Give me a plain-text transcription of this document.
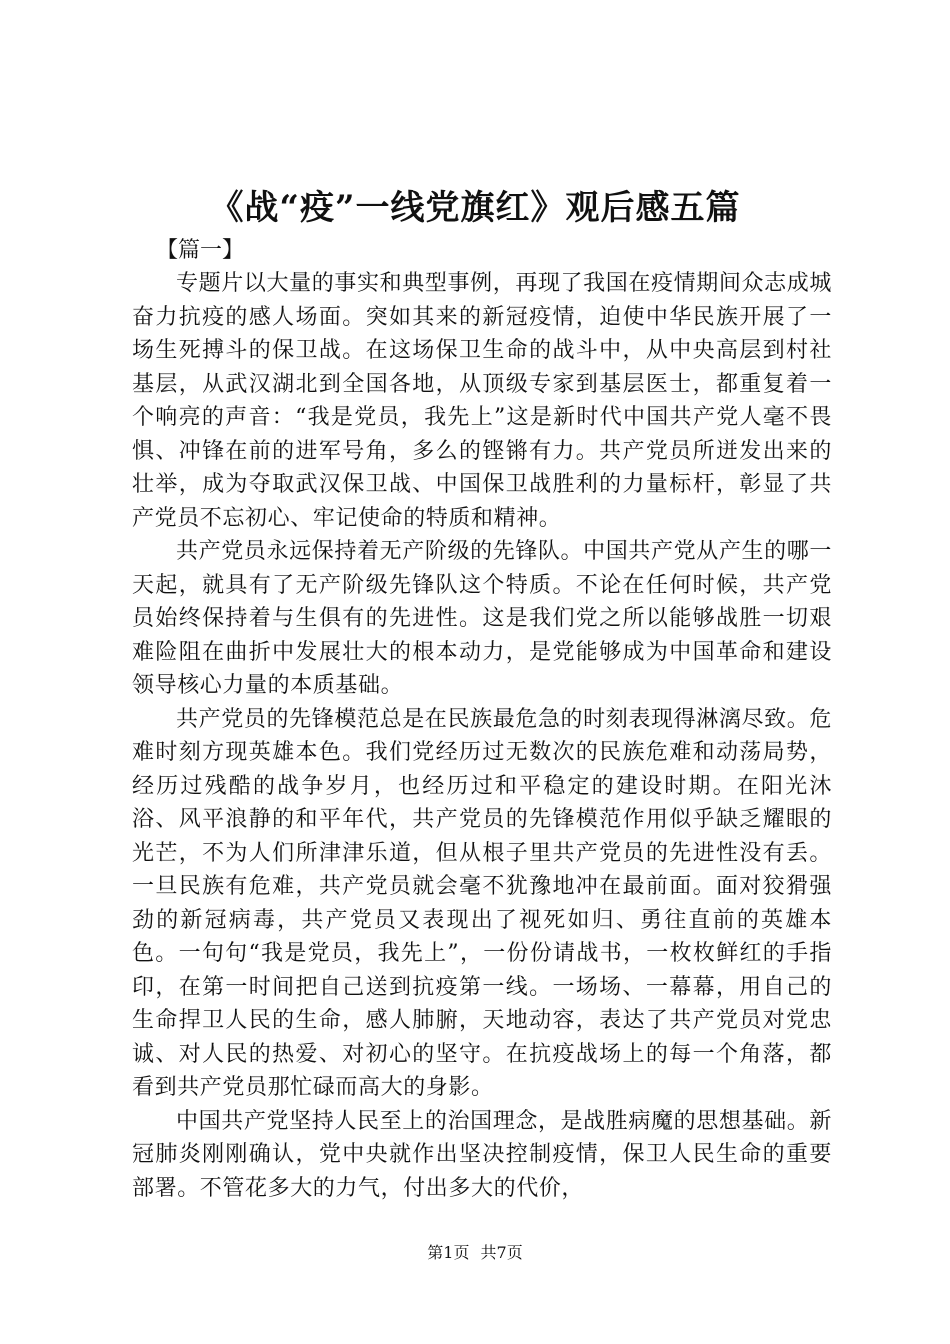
《战“疫”一线党旗红》观后感五篇

【篇一】

专题片以大量的事实和典型事例，再现了我国在疫情期间众志成城奋力抗疫的感人场面。突如其来的新冠疫情，迫使中华民族开展了一场生死搏斗的保卫战。在这场保卫生命的战斗中，从中央高层到村社基层，从武汉湖北到全国各地，从顶级专家到基层医士，都重复着一个响亮的声音：“我是党员，我先上”这是新时代中国共产党人毫不畏惧、冲锋在前的进军号角，多么的铿锵有力。共产党员所迸发出来的壮举，成为夺取武汉保卫战、中国保卫战胜利的力量标杆，彰显了共产党员不忘初心、牢记使命的特质和精神。

共产党员永远保持着无产阶级的先锋队。中国共产党从产生的哪一天起，就具有了无产阶级先锋队这个特质。不论在任何时候，共产党员始终保持着与生俱有的先进性。这是我们党之所以能够战胜一切艰难险阻在曲折中发展壮大的根本动力，是党能够成为中国革命和建设领导核心力量的本质基础。

共产党员的先锋模范总是在民族最危急的时刻表现得淋漓尽致。危难时刻方现英雄本色。我们党经历过无数次的民族危难和动荡局势，经历过残酷的战争岁月，也经历过和平稳定的建设时期。在阳光沐浴、风平浪静的和平年代，共产党员的先锋模范作用似乎缺乏耀眼的光芒，不为人们所津津乐道，但从根子里共产党员的先进性没有丢。一旦民族有危难，共产党员就会毫不犹豫地冲在最前面。面对狡猾强劲的新冠病毒，共产党员又表现出了视死如归、勇往直前的英雄本色。一句句“我是党员，我先上”，一份份请战书，一枚枚鲜红的手指印，在第一时间把自己送到抗疫第一线。一场场、一幕幕，用自己的生命捍卫人民的生命，感人肺腑，天地动容，表达了共产党员对党忠诚、对人民的热爱、对初心的坚守。在抗疫战场上的每一个角落，都看到共产党员那忙碌而高大的身影。

中国共产党坚持人民至上的治国理念，是战胜病魔的思想基础。新冠肺炎刚刚确认，党中央就作出坚决控制疫情，保卫人民生命的重要部署。不管花多大的力气，付出多大的代价，

第1页 共7页
